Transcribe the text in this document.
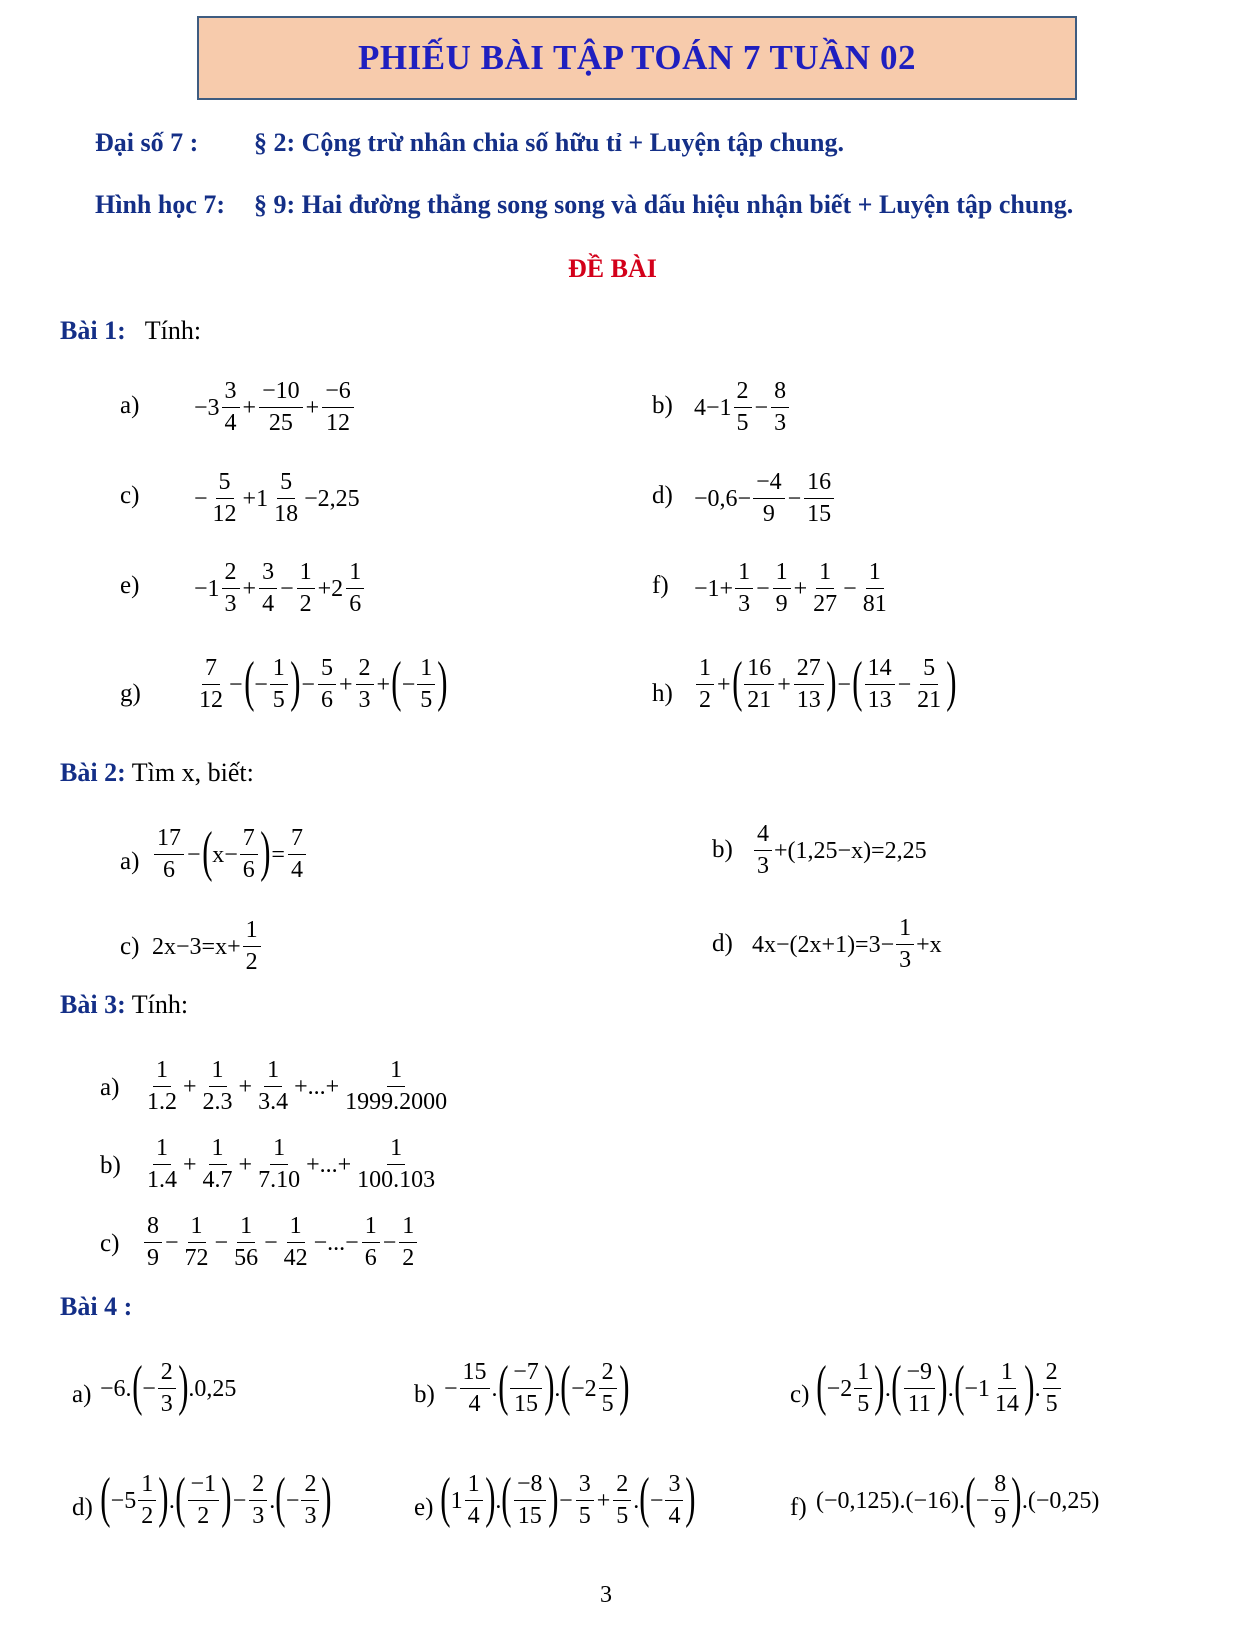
PHIẾU BÀI TẬP TOÁN 7 TUẦN 02
Đại số 7 : § 2: Cộng trừ nhân chia số hữu tỉ + Luyện tập chung.
Hình học 7: § 9: Hai đường thẳng song song và dấu hiệu nhận biết + Luyện tập chung.
ĐỀ BÀI
Bài 1: Tính:
a) −3
3
4
+ $\frac{-10}{25} + \frac{-6}{12}$	b) 4−1
2
5
− $\frac{8}{3}$
$c) - \frac{5}{12} +1$
5
18
−2,25	$d) -0,6- \frac{-4}{9} - \frac{16}{15}$
e) −1
2
3
+ $\frac{3}{4} - \frac{1}{2} +2$
1
6
$f) -1+ \frac{1}{3} - \frac{1}{9} + \frac{1}{27} - \frac{1}{81}$
g)
7
12
− ( − $\frac{1}{5}$ ) − $\frac{5}{6} + \frac{2}{3}$ + ( − $\frac{1}{5}$ )	h)
1
2
+ ( 16
21
+ $\frac{27}{13}$ ) − ( 14
13
− $\frac{5}{21}$ )
Bài 2: Tìm x, biết:
a)
17
6
− ( $x- \frac{7}{6}$ ) = $\frac{7}{4}$	b)
4
3
+(1,25−x)=2,25
c) $2x-3=x+ \frac{1}{2}$	d) $4x-(2x+1)=3- \frac{1}{3} +x$
Bài 3: Tính:
a)
1
1.2
+ $\frac{1}{2.3} + \frac{1}{3.4}$ +...+ $\frac{1}{1999.2000}$
b)
1
1.4
+ $\frac{1}{4.7} + \frac{1}{7.10}$ +...+ $\frac{1}{100.103}$
c)
8
9
− $\frac{1}{72} - \frac{1}{56} - \frac{1}{42}$ −...− $\frac{1}{6} - \frac{1}{2}$
Bài 4 :
a) −6. ( − $\frac{2}{3}$ ) .0,25	$b) - \frac{15}{4}$ . ( −7
15 ) . ( −2
2
5 )	c) ( −2
1
5 ) . ( −9
11 ) . ( −1
1
14 ) .
2
5
d) ( −5
1
2 ) . ( −1
2 ) − $\frac{2}{3}$ . ( − $\frac{2}{3}$ )	e) ( 1
1
4 ) . ( −8
15 ) − $\frac{3}{5} + \frac{2}{5}$ . ( − $\frac{3}{4}$ )	f) (−0,125).(−16). ( − $\frac{8}{9}$ ) .(−0,25)
3
